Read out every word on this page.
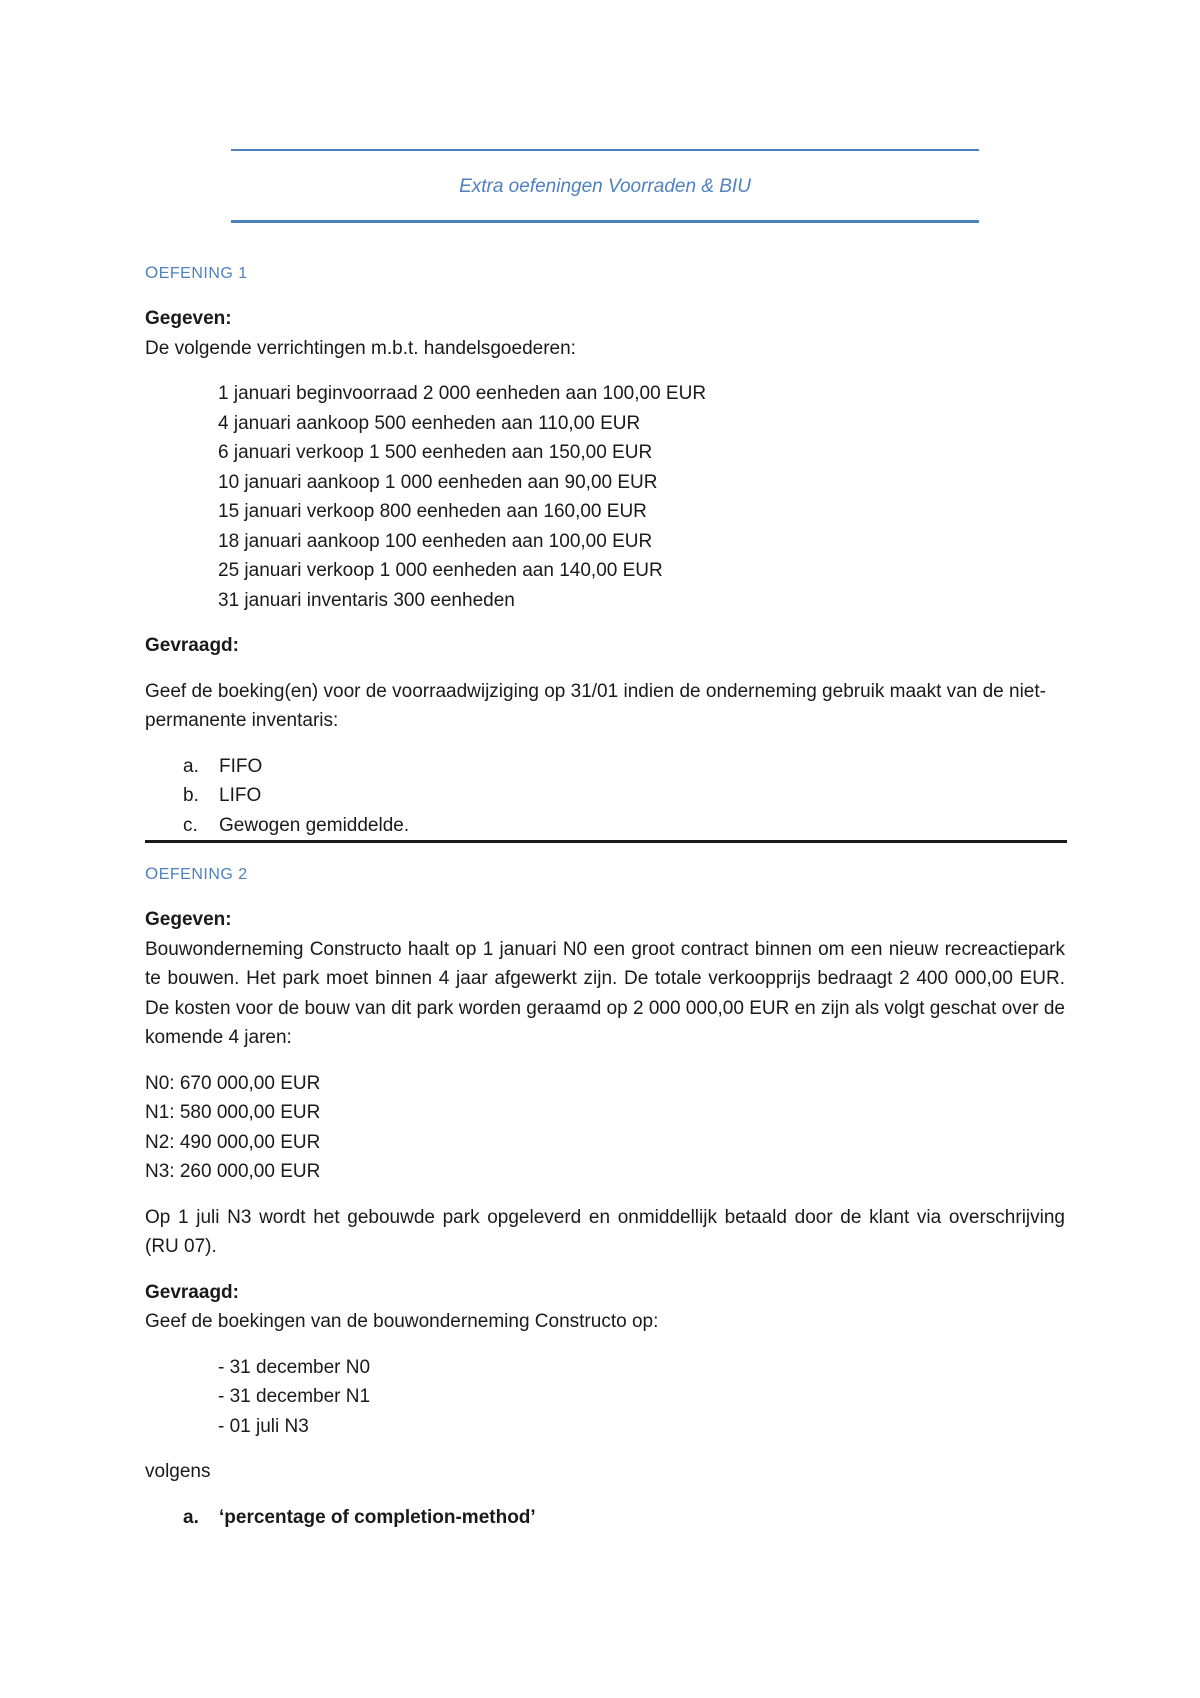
Extra oefeningen Voorraden & BIU

OEFENING 1

Gegeven:

De volgende verrichtingen m.b.t. handelsgoederen:

1 januari beginvoorraad 2 000 eenheden aan 100,00 EUR
4 januari aankoop 500 eenheden aan 110,00 EUR
6 januari verkoop 1 500 eenheden aan 150,00 EUR
10 januari aankoop 1 000 eenheden aan 90,00 EUR
15 januari verkoop 800 eenheden aan 160,00 EUR
18 januari aankoop 100 eenheden aan 100,00 EUR
25 januari verkoop 1 000 eenheden aan 140,00 EUR
31 januari inventaris 300 eenheden

Gevraagd:

Geef de boeking(en) voor de voorraadwijziging op 31/01 indien de onderneming gebruik maakt van de niet-permanente inventaris:

a.	FIFO
b.	LIFO
c.	Gewogen gemiddelde.

OEFENING 2

Gegeven:

Bouwonderneming Constructo haalt op 1 januari N0 een groot contract binnen om een nieuw recreactiepark te bouwen. Het park moet binnen 4 jaar afgewerkt zijn. De totale verkoopprijs bedraagt 2 400 000,00 EUR. De kosten voor de bouw van dit park worden geraamd op 2 000 000,00 EUR en zijn als volgt geschat over de komende 4 jaren:

N0: 670 000,00 EUR
N1: 580 000,00 EUR
N2: 490 000,00 EUR
N3: 260 000,00 EUR

Op 1 juli N3 wordt het gebouwde park opgeleverd en onmiddellijk betaald door de klant via overschrijving (RU 07).

Gevraagd:

Geef de boekingen van de bouwonderneming Constructo op:

- 31 december N0
- 31 december N1
- 01 juli N3

volgens

a.	‘percentage of completion-method’
